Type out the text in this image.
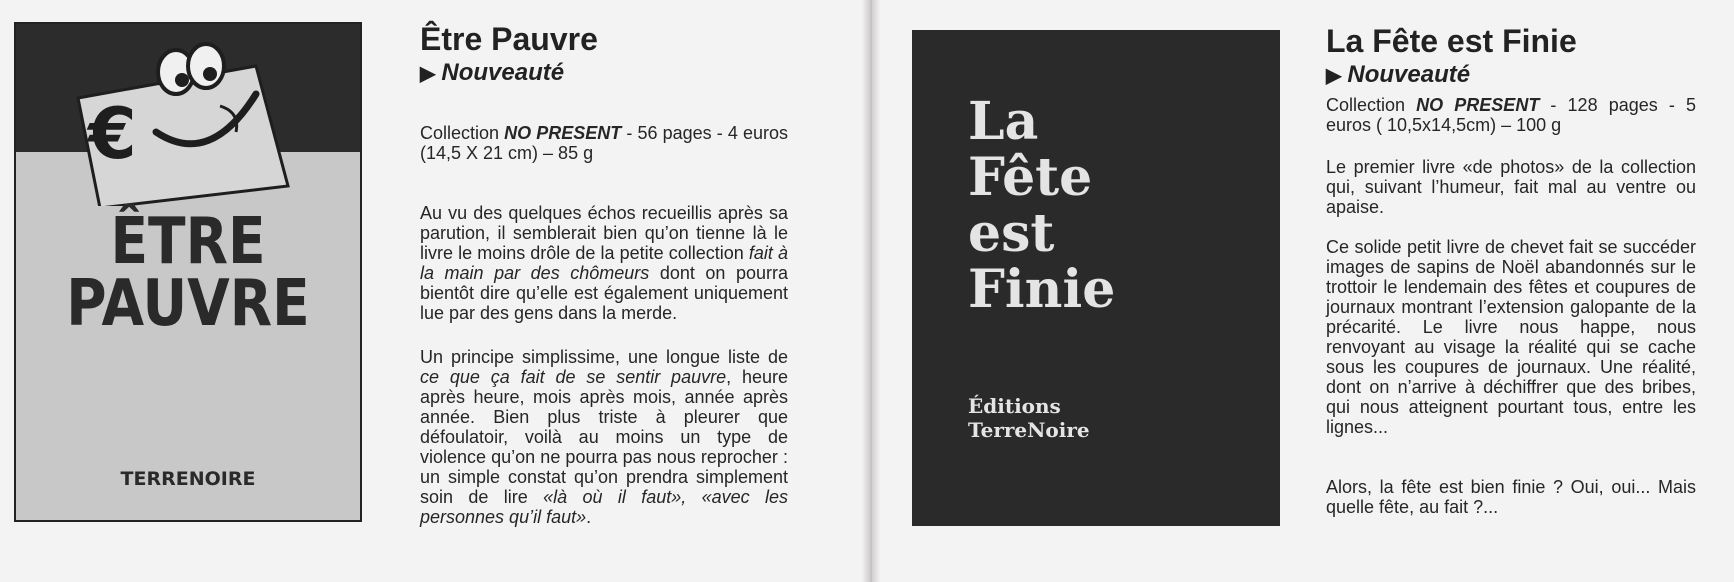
€
ÊTRE
PAUVRE
TERRENOIRE
Être Pauvre
▶ Nouveauté
Collection NO PRESENT - 56 pages - 4 euros (14,5 X 21 cm) – 85 g
Au vu des quelques échos recueillis après sa parution, il semblerait bien qu’on tienne là le livre le moins drôle de la petite collection fait à la main par des chômeurs dont on pourra bientôt dire qu’elle est également uniquement lue par des gens dans la merde.
Un principe simplissime, une longue liste de ce que ça fait de se sentir pauvre, heure après heure, mois après mois, année après année. Bien plus triste à pleurer que défoulatoir, voilà au moins un type de violence qu’on ne pourra pas nous reprocher : un simple constat qu’on prendra simplement soin de lire «là où il faut», «avec les personnes qu’il faut».
La
Fête
est
Finie
Éditions
TerreNoire
La Fête est Finie
▶ Nouveauté
Collection NO PRESENT - 128 pages - 5 euros ( 10,5x14,5cm) – 100 g
Le premier livre «de photos» de la collection qui, suivant l’humeur, fait mal au ventre ou apaise.
Ce solide petit livre de chevet fait se succéder images de sapins de Noël abandonnés sur le trottoir le lendemain des fêtes et coupures de journaux montrant l’extension galopante de la précarité. Le livre nous happe, nous renvoyant au visage la réalité qui se cache sous les coupures de journaux. Une réalité, dont on n’arrive à déchiffrer que des bribes, qui nous atteignent pourtant tous, entre les lignes...
Alors, la fête est bien finie ? Oui, oui... Mais quelle fête, au fait ?...
